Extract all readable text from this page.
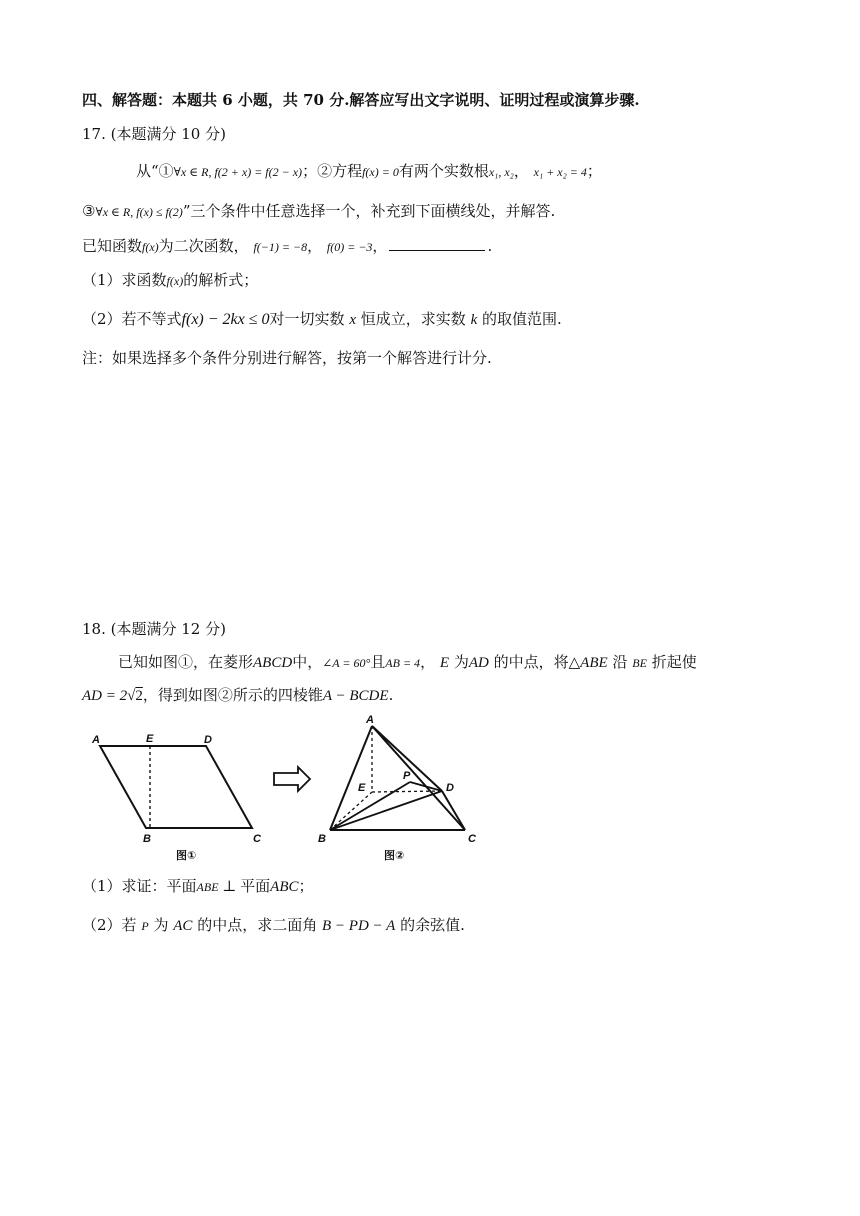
四、解答题：本题共 6 小题，共 70 分.解答应写出文字说明、证明过程或演算步骤.
17. (本题满分 10 分)
从“①∀x ∈ R, f(2 + x) = f(2 − x)；②方程f(x) = 0有两个实数根x₁, x₂， x₁ + x₂ = 4；
③∀x ∈ R, f(x) ≤ f(2)”三个条件中任意选择一个，补充到下面横线处，并解答.
已知函数f(x)为二次函数， f(−1) = −8， f(0) = −3，	.
（1）求函数f(x)的解析式；
（2）若不等式f(x) − 2kx ≤ 0对一切实数 x 恒成立，求实数 k 的取值范围.
注：如果选择多个条件分别进行解答，按第一个解答进行计分.
18. (本题满分 12 分)
已知如图①，在菱形ABCD中，∠A = 60°且AB = 4， E 为AD 的中点，将△ABE 沿 BE 折起使
AD = 2√2，得到如图②所示的四棱锥A − BCDE.
A	E	D
B	C
图①
A
E
P
D
B	C
图②
（1）求证：平面ABE ⊥ 平面ABC；
（2）若 P 为 AC 的中点，求二面角 B − PD − A 的余弦值.
